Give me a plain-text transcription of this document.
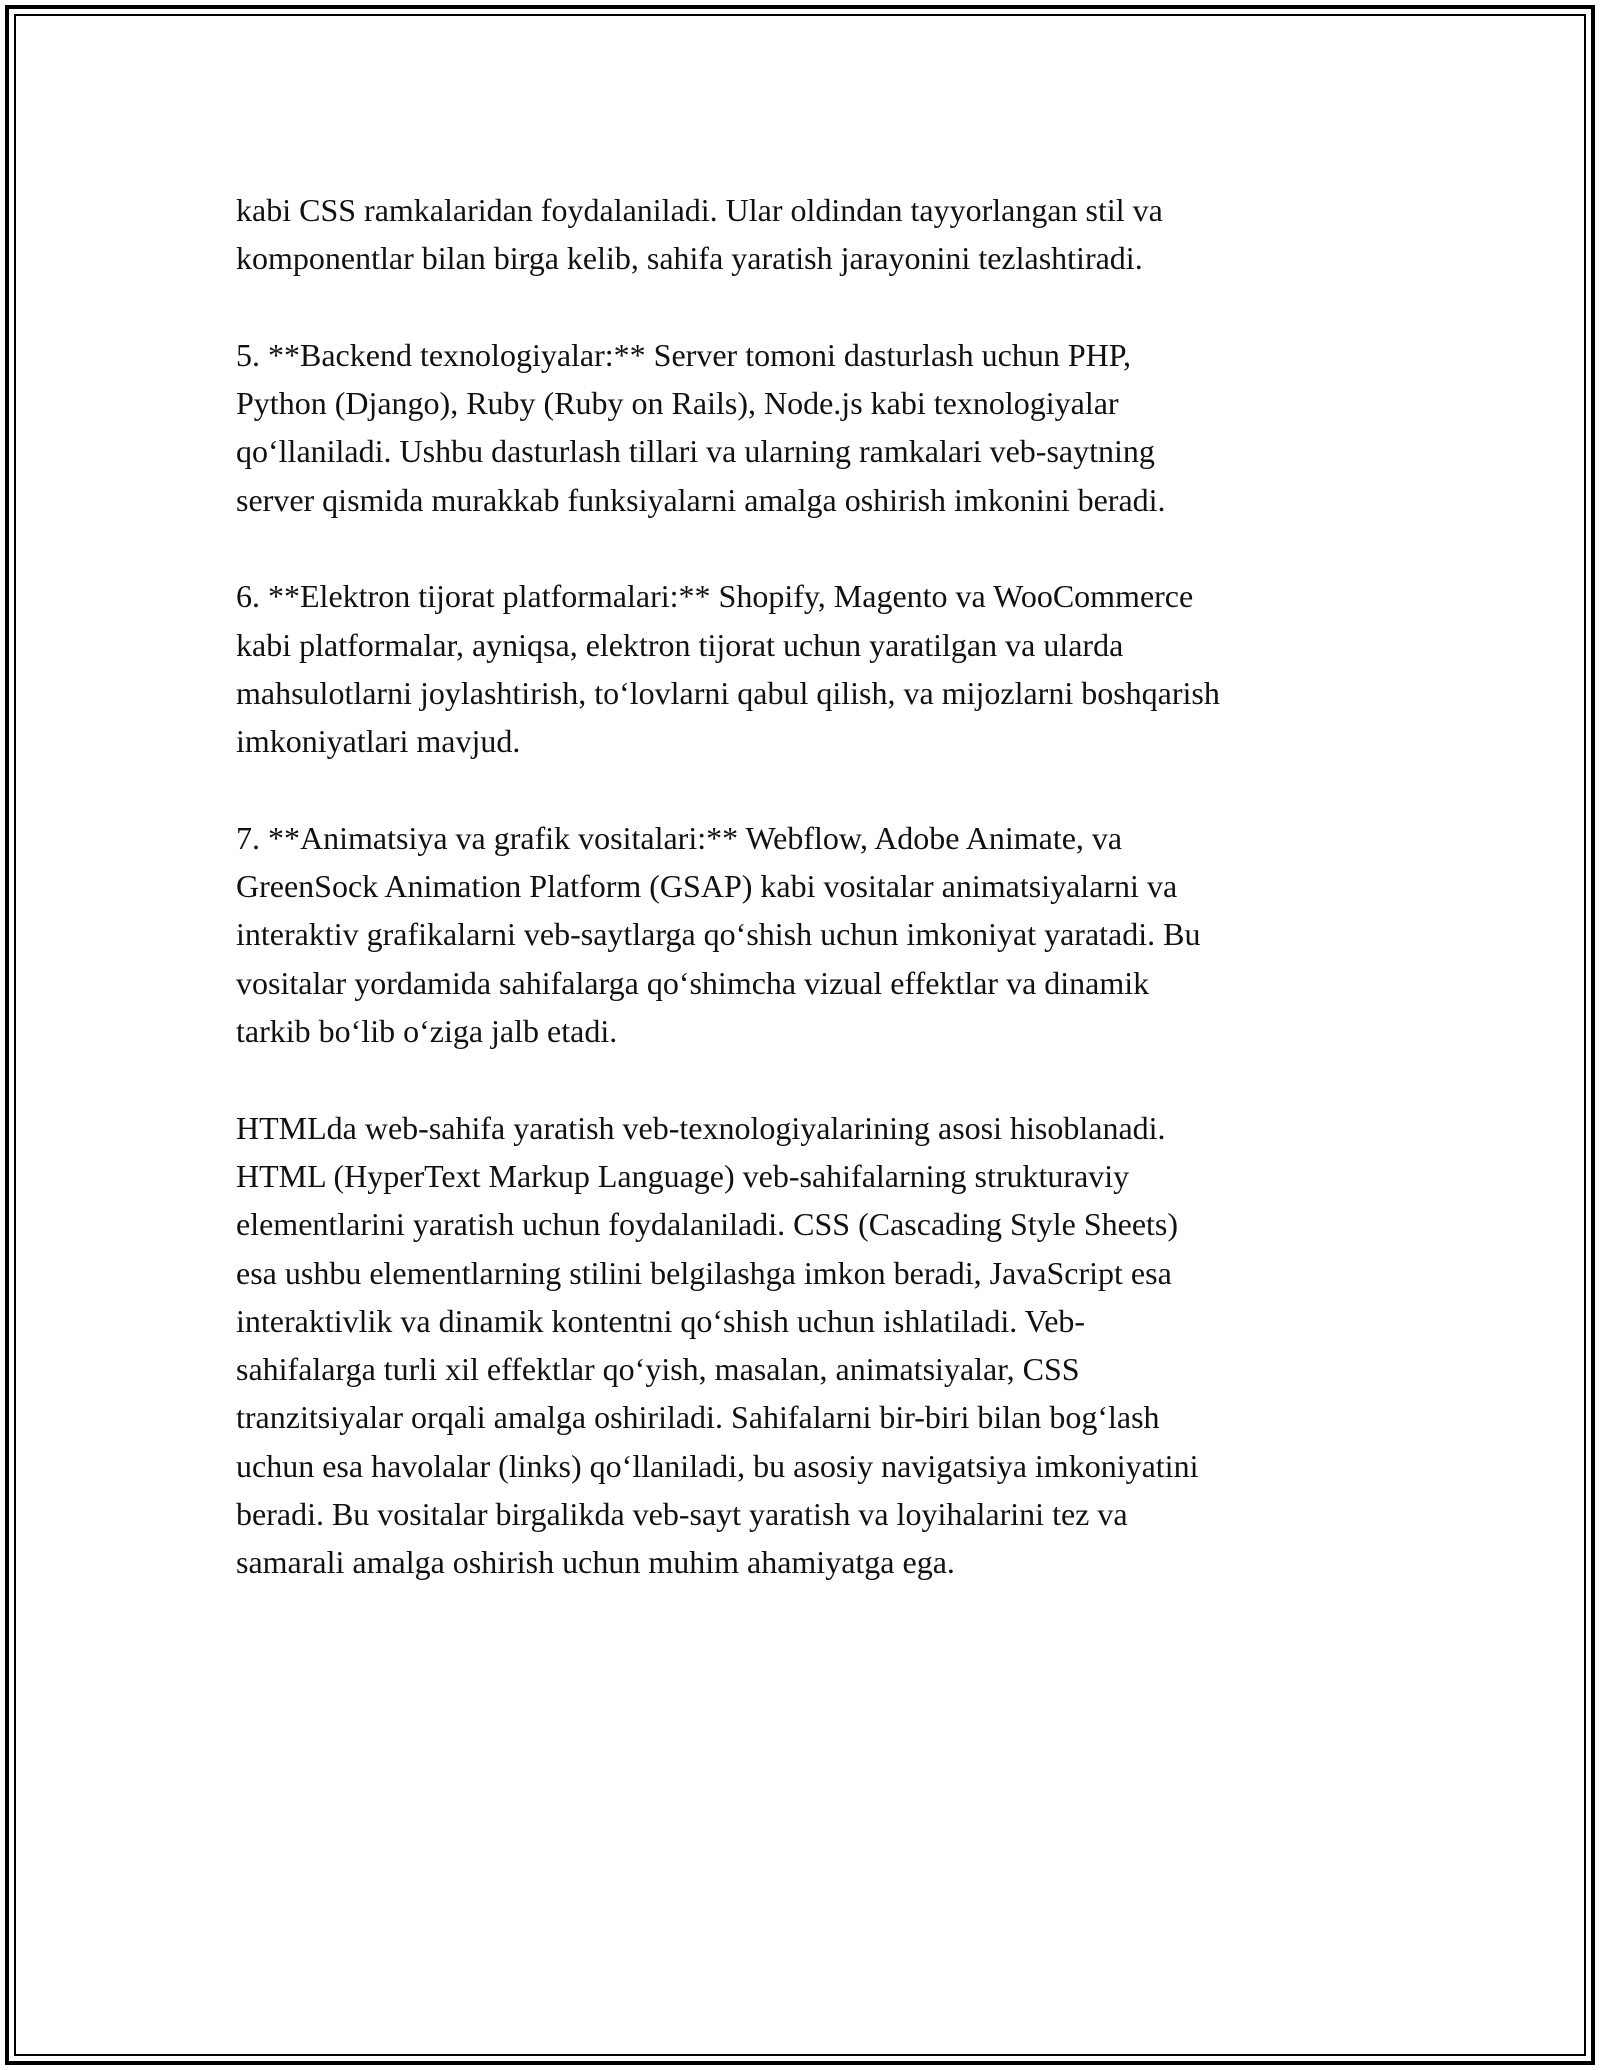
kabi CSS ramkalaridan foydalaniladi. Ular oldindan tayyorlangan stil va
komponentlar bilan birga kelib, sahifa yaratish jarayonini tezlashtiradi.

5. **Backend texnologiyalar:** Server tomoni dasturlash uchun PHP,
Python (Django), Ruby (Ruby on Rails), Node.js kabi texnologiyalar
qo‘llaniladi. Ushbu dasturlash tillari va ularning ramkalari veb-saytning
server qismida murakkab funksiyalarni amalga oshirish imkonini beradi.

6. **Elektron tijorat platformalari:** Shopify, Magento va WooCommerce
kabi platformalar, ayniqsa, elektron tijorat uchun yaratilgan va ularda
mahsulotlarni joylashtirish, to‘lovlarni qabul qilish, va mijozlarni boshqarish
imkoniyatlari mavjud.

7. **Animatsiya va grafik vositalari:** Webflow, Adobe Animate, va
GreenSock Animation Platform (GSAP) kabi vositalar animatsiyalarni va
interaktiv grafikalarni veb-saytlarga qo‘shish uchun imkoniyat yaratadi. Bu
vositalar yordamida sahifalarga qo‘shimcha vizual effektlar va dinamik
tarkib bo‘lib o‘ziga jalb etadi.

HTMLda web-sahifa yaratish veb-texnologiyalarining asosi hisoblanadi.
HTML (HyperText Markup Language) veb-sahifalarning strukturaviy
elementlarini yaratish uchun foydalaniladi. CSS (Cascading Style Sheets)
esa ushbu elementlarning stilini belgilashga imkon beradi, JavaScript esa
interaktivlik va dinamik kontentni qo‘shish uchun ishlatiladi. Veb-
sahifalarga turli xil effektlar qo‘yish, masalan, animatsiyalar, CSS
tranzitsiyalar orqali amalga oshiriladi. Sahifalarni bir-biri bilan bog‘lash
uchun esa havolalar (links) qo‘llaniladi, bu asosiy navigatsiya imkoniyatini
beradi. Bu vositalar birgalikda veb-sayt yaratish va loyihalarini tez va
samarali amalga oshirish uchun muhim ahamiyatga ega.
